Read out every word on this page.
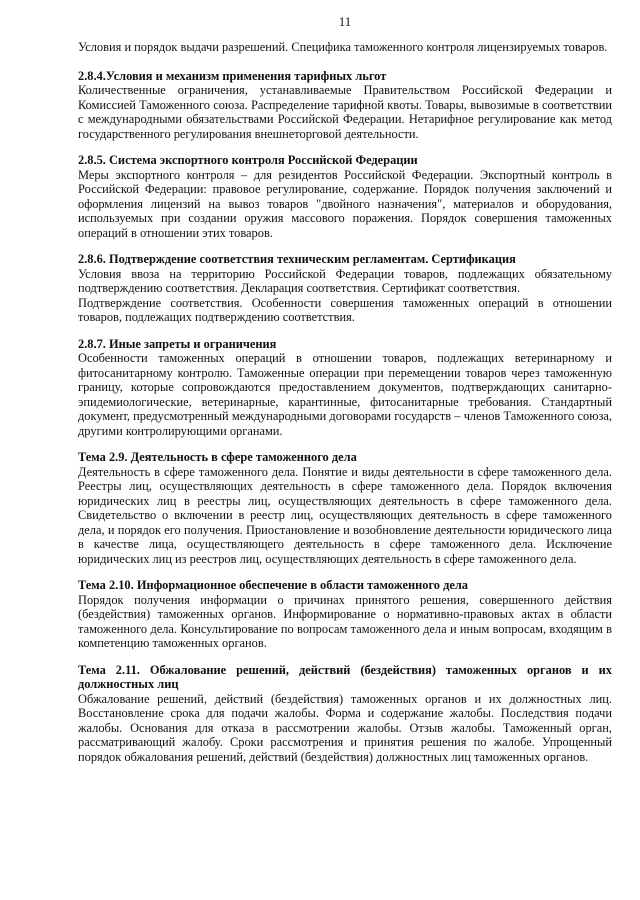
11

Условия и порядок выдачи разрешений. Специфика таможенного контроля лицензируемых товаров.

2.8.4.Условия и механизм применения тарифных льгот

Количественные ограничения, устанавливаемые Правительством Российской Федерации и Комиссией Таможенного союза. Распределение тарифной квоты. Товары, вывозимые в соответствии с международными обязательствами Российской Федерации. Нетарифное регулирование как метод государственного регулирования внешнеторговой деятельности.

2.8.5. Система экспортного контроля Российской Федерации

Меры экспортного контроля – для резидентов Российской Федерации. Экспортный контроль в Российской Федерации: правовое регулирование, содержание. Порядок получения заключений и оформления лицензий на вывоз товаров "двойного назначения", материалов и оборудования, используемых при создании оружия массового поражения. Порядок совершения таможенных операций в отношении этих товаров.

2.8.6. Подтверждение соответствия техническим регламентам. Сертификация

Условия ввоза на территорию Российской Федерации товаров, подлежащих обязательному подтверждению соответствия. Декларация соответствия. Сертификат соответствия.

Подтверждение соответствия. Особенности совершения таможенных операций в отношении товаров, подлежащих подтверждению соответствия.

2.8.7. Иные запреты и ограничения

Особенности таможенных операций в отношении товаров, подлежащих ветеринарному и фитосанитарному контролю. Таможенные операции при перемещении товаров через таможенную границу, которые сопровождаются предоставлением документов, подтверждающих санитарно-эпидемиологические, ветеринарные, карантинные, фитосанитарные требования. Стандартный документ, предусмотренный международными договорами государств – членов Таможенного союза, другими контролирующими органами.

Тема 2.9. Деятельность в сфере таможенного дела

Деятельность в сфере таможенного дела. Понятие и виды деятельности в сфере таможенного дела. Реестры лиц, осуществляющих деятельность в сфере таможенного дела. Порядок включения юридических лиц в реестры лиц, осуществляющих деятельность в сфере таможенного дела. Свидетельство о включении в реестр лиц, осуществляющих деятельность в сфере таможенного дела, и порядок его получения. Приостановление и возобновление деятельности юридического лица в качестве лица, осуществляющего деятельность в сфере таможенного дела. Исключение юридических лиц из реестров лиц, осуществляющих деятельность в сфере таможенного дела.

Тема 2.10. Информационное обеспечение в области таможенного дела

Порядок получения информации о причинах принятого решения, совершенного действия (бездействия) таможенных органов. Информирование о нормативно-правовых актах в области таможенного дела. Консультирование по вопросам таможенного дела и иным вопросам, входящим в компетенцию таможенных органов.

Тема 2.11. Обжалование решений, действий (бездействия) таможенных органов и их должностных лиц

Обжалование решений, действий (бездействия) таможенных органов и их должностных лиц. Восстановление срока для подачи жалобы. Форма и содержание жалобы. Последствия подачи жалобы. Основания для отказа в рассмотрении жалобы. Отзыв жалобы. Таможенный орган, рассматривающий жалобу. Сроки рассмотрения и принятия решения по жалобе. Упрощенный порядок обжалования решений, действий (бездействия) должностных лиц таможенных органов.
